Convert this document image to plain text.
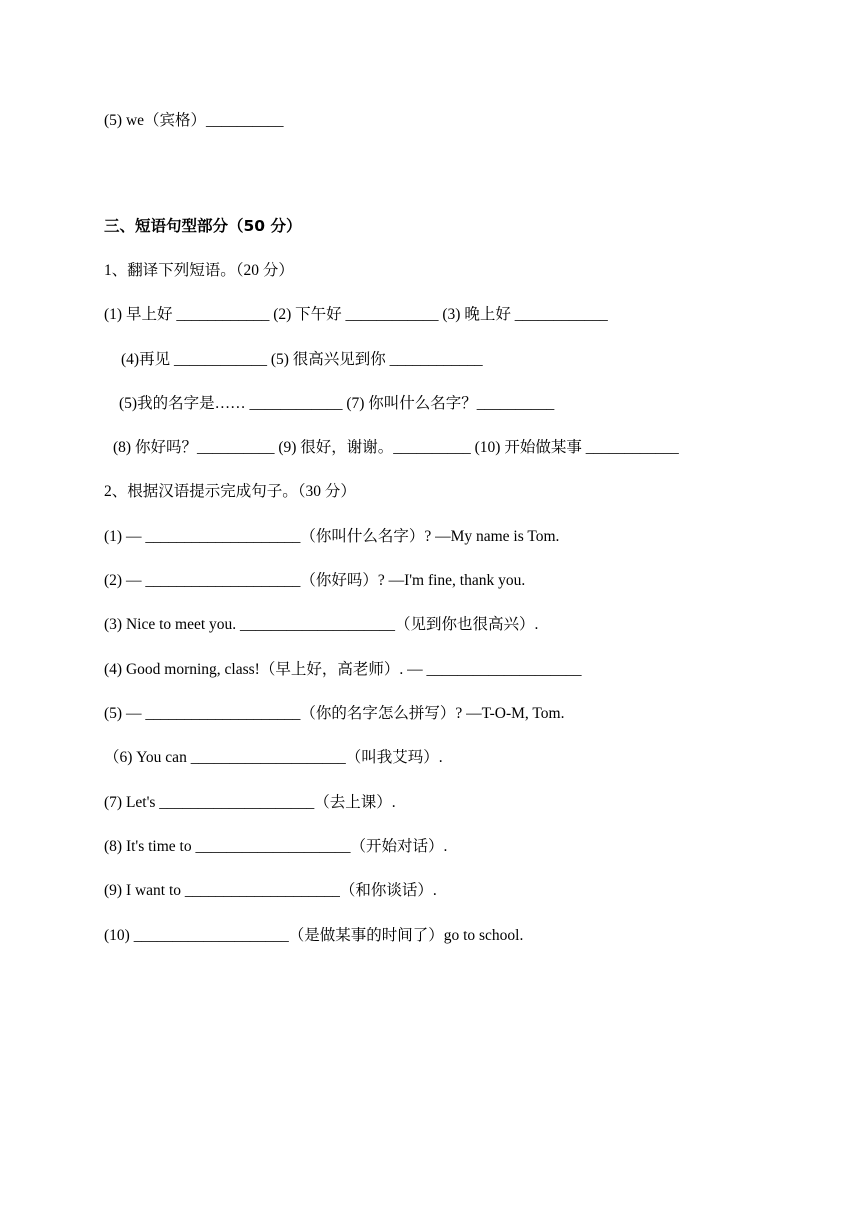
(5) we（宾格）__________
三、短语句型部分（50 分）
1、翻译下列短语。（20 分）
(1) 早上好 ____________ (2) 下午好 ____________ (3) 晚上好 ____________
(4)再见 ____________ (5) 很高兴见到你 ____________
(5)我的名字是…… ____________ (7) 你叫什么名字？__________
(8) 你好吗？__________ (9) 很好，谢谢。__________ (10) 开始做某事 ____________
2、根据汉语提示完成句子。（30 分）
(1) — ____________________（你叫什么名字）? —My name is Tom.
(2) — ____________________（你好吗）? —I'm fine, thank you.
(3) Nice to meet you. ____________________（见到你也很高兴）.
(4) Good morning, class!（早上好，高老师）. — ____________________
(5) — ____________________（你的名字怎么拼写）? —T-O-M, Tom.
（6) You can ____________________（叫我艾玛）.
(7) Let's ____________________（去上课）.
(8) It's time to ____________________（开始对话）.
(9) I want to ____________________（和你谈话）.
(10) ____________________（是做某事的时间了）go to school.
